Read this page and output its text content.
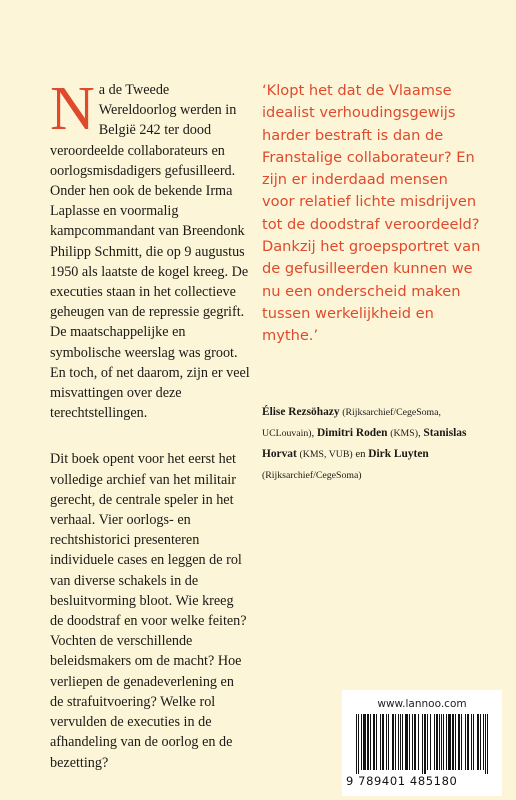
Na de Tweede Wereldoorlog werden in België 242 ter dood veroordeelde collaborateurs en oorlogsmisdadigers gefusilleerd. Onder hen ook de bekende Irma Laplasse en voormalig kampcommandant van Breendonk Philipp Schmitt, die op 9 augustus 1950 als laatste de kogel kreeg. De executies staan in het collectieve geheugen van de repressie gegrift. De maatschappelijke en symbolische weerslag was groot. En toch, of net daarom, zijn er veel misvattingen over deze terechtstellingen.

Dit boek opent voor het eerst het volledige archief van het militair gerecht, de centrale speler in het verhaal. Vier oorlogs- en rechtshistorici presenteren individuele cases en leggen de rol van diverse schakels in de besluitvorming bloot. Wie kreeg de doodstraf en voor welke feiten? Vochten de verschillende beleidsmakers om de macht? Hoe verliepen de genadeverlening en de strafuitvoering? Welke rol vervulden de executies in de afhandeling van de oorlog en de bezetting?

‘Klopt het dat de Vlaamse idealist verhoudingsgewijs harder bestraft is dan de Franstalige collaborateur? En zijn er inderdaad mensen voor relatief lichte misdrijven tot de doodstraf veroordeeld? Dankzij het groepsportret van de gefusilleerden kunnen we nu een onderscheid maken tussen werkelijkheid en mythe.’

Élise Rezsöhazy (Rijksarchief/CegeSoma, UCLouvain), Dimitri Roden (KMS), Stanislas Horvat (KMS, VUB) en Dirk Luyten (Rijksarchief/CegeSoma)

www.lannoo.com
9 789401 485180
